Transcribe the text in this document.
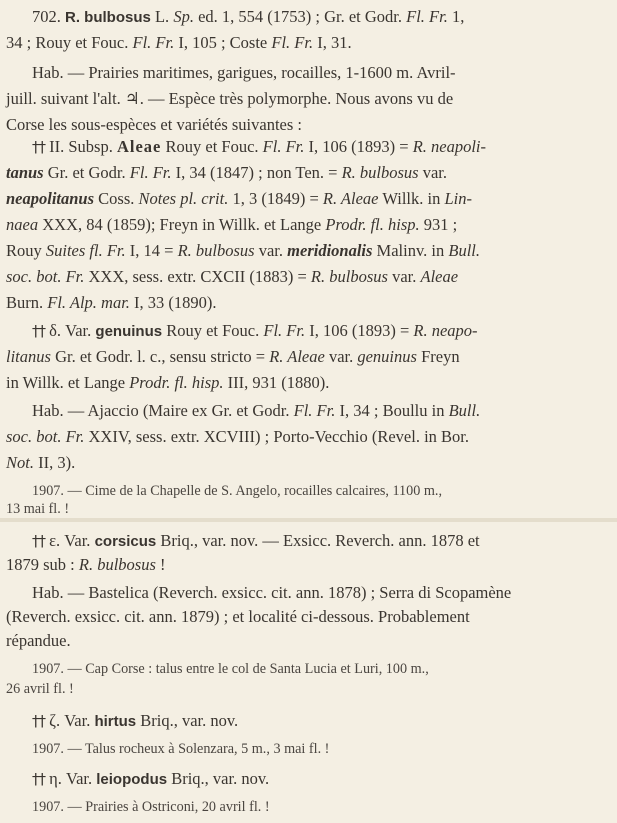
702. R. bulbosus L. Sp. ed. 1, 554 (1753) ; Gr. et Godr. Fl. Fr. 1,
34 ; Rouy et Fouc. Fl. Fr. I, 105 ; Coste Fl. Fr. I, 31.
Hab. — Prairies maritimes, garigues, rocailles, 1-1600 m. Avril-
juill. suivant l'alt. ♃. — Espèce très polymorphe. Nous avons vu de
Corse les sous-espèces et variétés suivantes :
†† II. Subsp. Aleae Rouy et Fouc. Fl. Fr. I, 106 (1893) = R. neapoli-
tanus Gr. et Godr. Fl. Fr. I, 34 (1847) ; non Ten. = R. bulbosus var.
neapolitanus Coss. Notes pl. crit. 1, 3 (1849) = R. Aleae Willk. in Lin-
naea XXX, 84 (1859); Freyn in Willk. et Lange Prodr. fl. hisp. 931 ;
Rouy Suites fl. Fr. I, 14 = R. bulbosus var. meridionalis Malinv. in Bull.
soc. bot. Fr. XXX, sess. extr. CXCII (1883) = R. bulbosus var. Aleae
Burn. Fl. Alp. mar. I, 33 (1890).
†† δ. Var. genuinus Rouy et Fouc. Fl. Fr. I, 106 (1893) = R. neapo-
litanus Gr. et Godr. l. c., sensu stricto = R. Aleae var. genuinus Freyn
in Willk. et Lange Prodr. fl. hisp. III, 931 (1880).
Hab. — Ajaccio (Maire ex Gr. et Godr. Fl. Fr. I, 34 ; Boullu in Bull.
soc. bot. Fr. XXIV, sess. extr. XCVIII) ; Porto-Vecchio (Revel. in Bor.
Not. II, 3).
1907. — Cime de la Chapelle de S. Angelo, rocailles calcaires, 1100 m.,
13 mai fl. !
†† ε. Var. corsicus Briq., var. nov. — Exsicc. Reverch. ann. 1878 et
1879 sub : R. bulbosus !
Hab. — Bastelica (Reverch. exsicc. cit. ann. 1878) ; Serra di Scopamène
(Reverch. exsicc. cit. ann. 1879) ; et localité ci-dessous. Probablement
répandue.
1907. — Cap Corse : talus entre le col de Santa Lucia et Luri, 100 m.,
26 avril fl. !
†† ζ. Var. hirtus Briq., var. nov.
1907. — Talus rocheux à Solenzara, 5 m., 3 mai fl. !
†† η. Var. leiopodus Briq., var. nov.
1907. — Prairies à Ostriconi, 20 avril fl. !
